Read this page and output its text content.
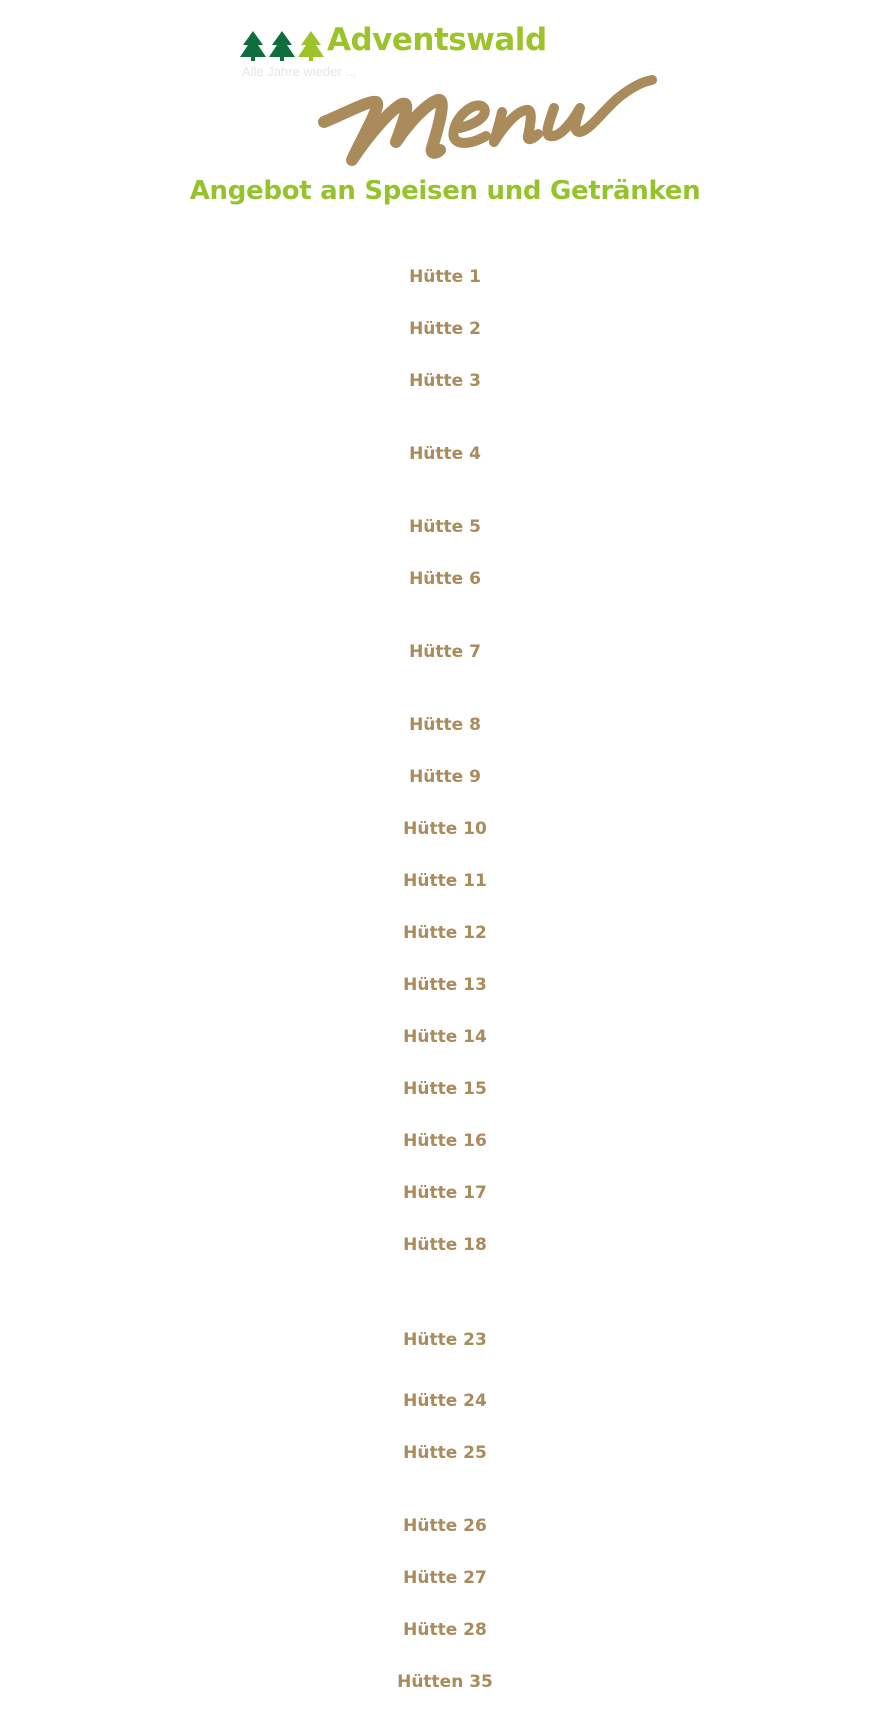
Adventswald
Alle Jahre wieder ...
Angebot an Speisen und Getränken
Hütte 1
Hütte 2
Hütte 3
Hütte 4
Hütte 5
Hütte 6
Hütte 7
Hütte 8
Hütte 9
Hütte 10
Hütte 11
Hütte 12
Hütte 13
Hütte 14
Hütte 15
Hütte 16
Hütte 17
Hütte 18
Hütte 23
Hütte 24
Hütte 25
Hütte 26
Hütte 27
Hütte 28
Hütten 35
